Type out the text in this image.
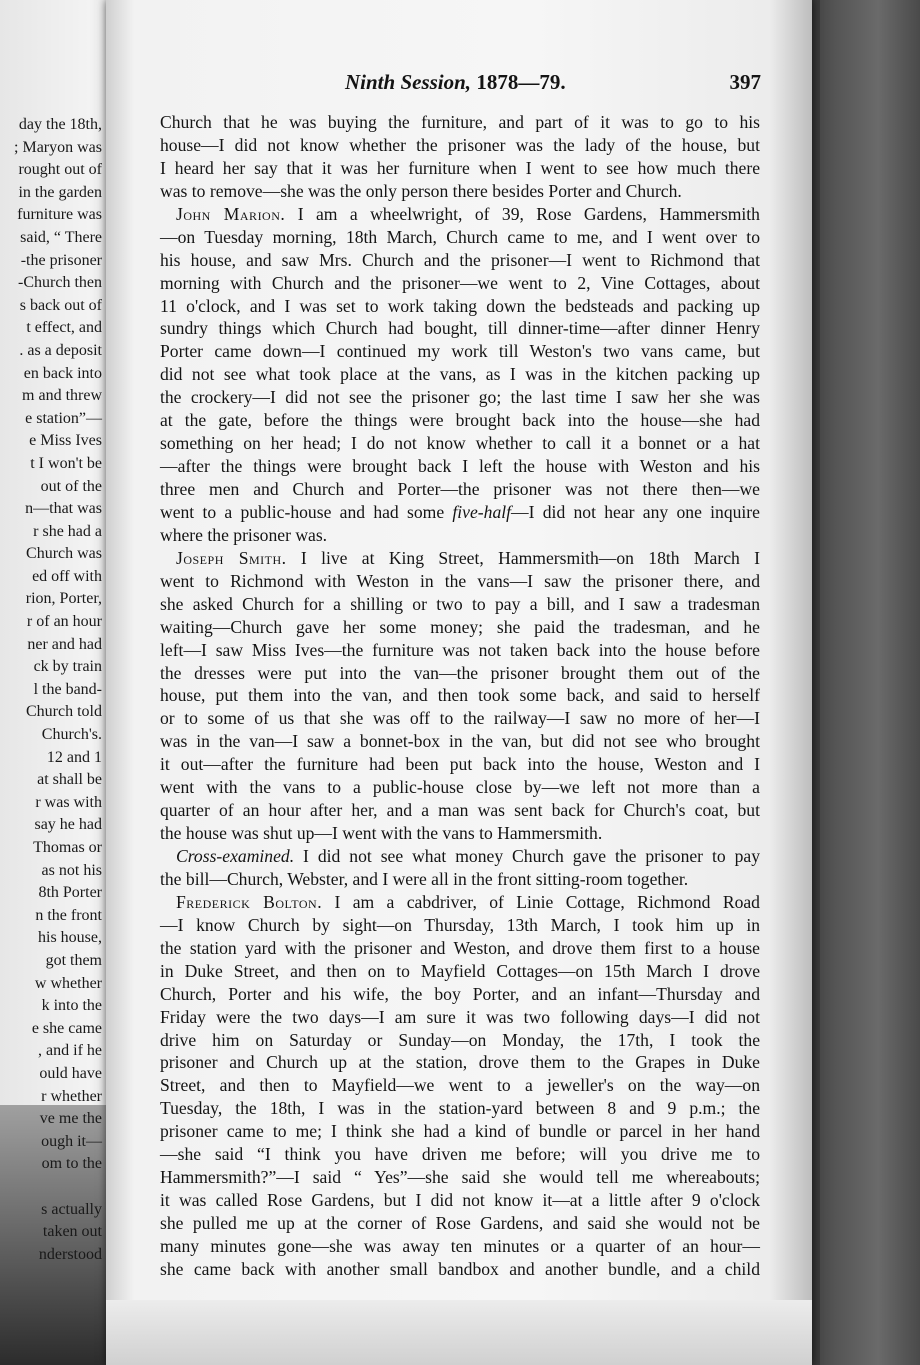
day the 18th,
; Maryon was
rought out of
in the garden
furniture was
said, “ There
-the prisoner
-Church then
s back out of
t effect, and
. as a deposit
en back into
m and threw
e station”—
e Miss Ives
t I won't be
out of the
n—that was
r she had a
Church was
ed off with
rion, Porter,
r of an hour
ner and had
ck by train
l the band-
Church told
Church's.
12 and 1
at shall be
r was with
say he had
Thomas or
as not his
8th Porter
n the front
his house,
got them
w whether
k into the
e she came
, and if he
ould have
r whether
ve me the
ough it—
om to the

s actually
taken out
nderstood
Ninth Session, 1878—79.	397
Church that he was buying the furniture, and part of it was to go to his
house—I did not know whether the prisoner was the lady of the house, but
I heard her say that it was her furniture when I went to see how much there
was to remove—she was the only person there besides Porter and Church.
John Marion. I am a wheelwright, of 39, Rose Gardens, Hammersmith
—on Tuesday morning, 18th March, Church came to me, and I went over to
his house, and saw Mrs. Church and the prisoner—I went to Richmond that
morning with Church and the prisoner—we went to 2, Vine Cottages, about
11 o'clock, and I was set to work taking down the bedsteads and packing up
sundry things which Church had bought, till dinner-time—after dinner Henry
Porter came down—I continued my work till Weston's two vans came, but
did not see what took place at the vans, as I was in the kitchen packing up
the crockery—I did not see the prisoner go; the last time I saw her she was
at the gate, before the things were brought back into the house—she had
something on her head; I do not know whether to call it a bonnet or a hat
—after the things were brought back I left the house with Weston and his
three men and Church and Porter—the prisoner was not there then—we
went to a public-house and had some five-half—I did not hear any one inquire
where the prisoner was.
Joseph Smith. I live at King Street, Hammersmith—on 18th March I
went to Richmond with Weston in the vans—I saw the prisoner there, and
she asked Church for a shilling or two to pay a bill, and I saw a tradesman
waiting—Church gave her some money; she paid the tradesman, and he
left—I saw Miss Ives—the furniture was not taken back into the house before
the dresses were put into the van—the prisoner brought them out of the
house, put them into the van, and then took some back, and said to herself
or to some of us that she was off to the railway—I saw no more of her—I
was in the van—I saw a bonnet-box in the van, but did not see who brought
it out—after the furniture had been put back into the house, Weston and I
went with the vans to a public-house close by—we left not more than a
quarter of an hour after her, and a man was sent back for Church's coat, but
the house was shut up—I went with the vans to Hammersmith.
Cross-examined. I did not see what money Church gave the prisoner to pay
the bill—Church, Webster, and I were all in the front sitting-room together.
Frederick Bolton. I am a cabdriver, of Linie Cottage, Richmond Road
—I know Church by sight—on Thursday, 13th March, I took him up in
the station yard with the prisoner and Weston, and drove them first to a house
in Duke Street, and then on to Mayfield Cottages—on 15th March I drove
Church, Porter and his wife, the boy Porter, and an infant—Thursday and
Friday were the two days—I am sure it was two following days—I did not
drive him on Saturday or Sunday—on Monday, the 17th, I took the
prisoner and Church up at the station, drove them to the Grapes in Duke
Street, and then to Mayfield—we went to a jeweller's on the way—on
Tuesday, the 18th, I was in the station-yard between 8 and 9 p.m.; the
prisoner came to me; I think she had a kind of bundle or parcel in her hand
—she said “I think you have driven me before; will you drive me to
Hammersmith?”—I said “ Yes”—she said she would tell me whereabouts;
it was called Rose Gardens, but I did not know it—at a little after 9 o'clock
she pulled me up at the corner of Rose Gardens, and said she would not be
many minutes gone—she was away ten minutes or a quarter of an hour—
she came back with another small bandbox and another bundle, and a child
